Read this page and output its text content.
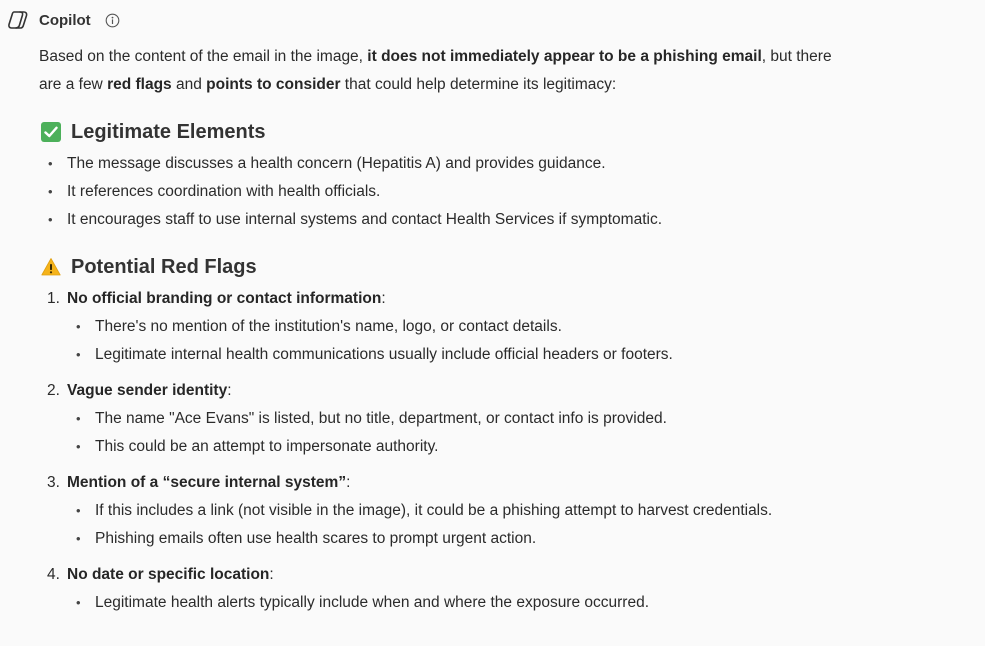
Copilot

Based on the content of the email in the image, it does not immediately appear to be a phishing email, but there are a few red flags and points to consider that could help determine its legitimacy:

Legitimate Elements
• The message discusses a health concern (Hepatitis A) and provides guidance.
• It references coordination with health officials.
• It encourages staff to use internal systems and contact Health Services if symptomatic.
Potential Red Flags
1. No official branding or contact information:
• There's no mention of the institution's name, logo, or contact details.
• Legitimate internal health communications usually include official headers or footers.
2. Vague sender identity:
• The name "Ace Evans" is listed, but no title, department, or contact info is provided.
• This could be an attempt to impersonate authority.
3. Mention of a “secure internal system”:
• If this includes a link (not visible in the image), it could be a phishing attempt to harvest credentials.
• Phishing emails often use health scares to prompt urgent action.
4. No date or specific location:
• Legitimate health alerts typically include when and where the exposure occurred.
